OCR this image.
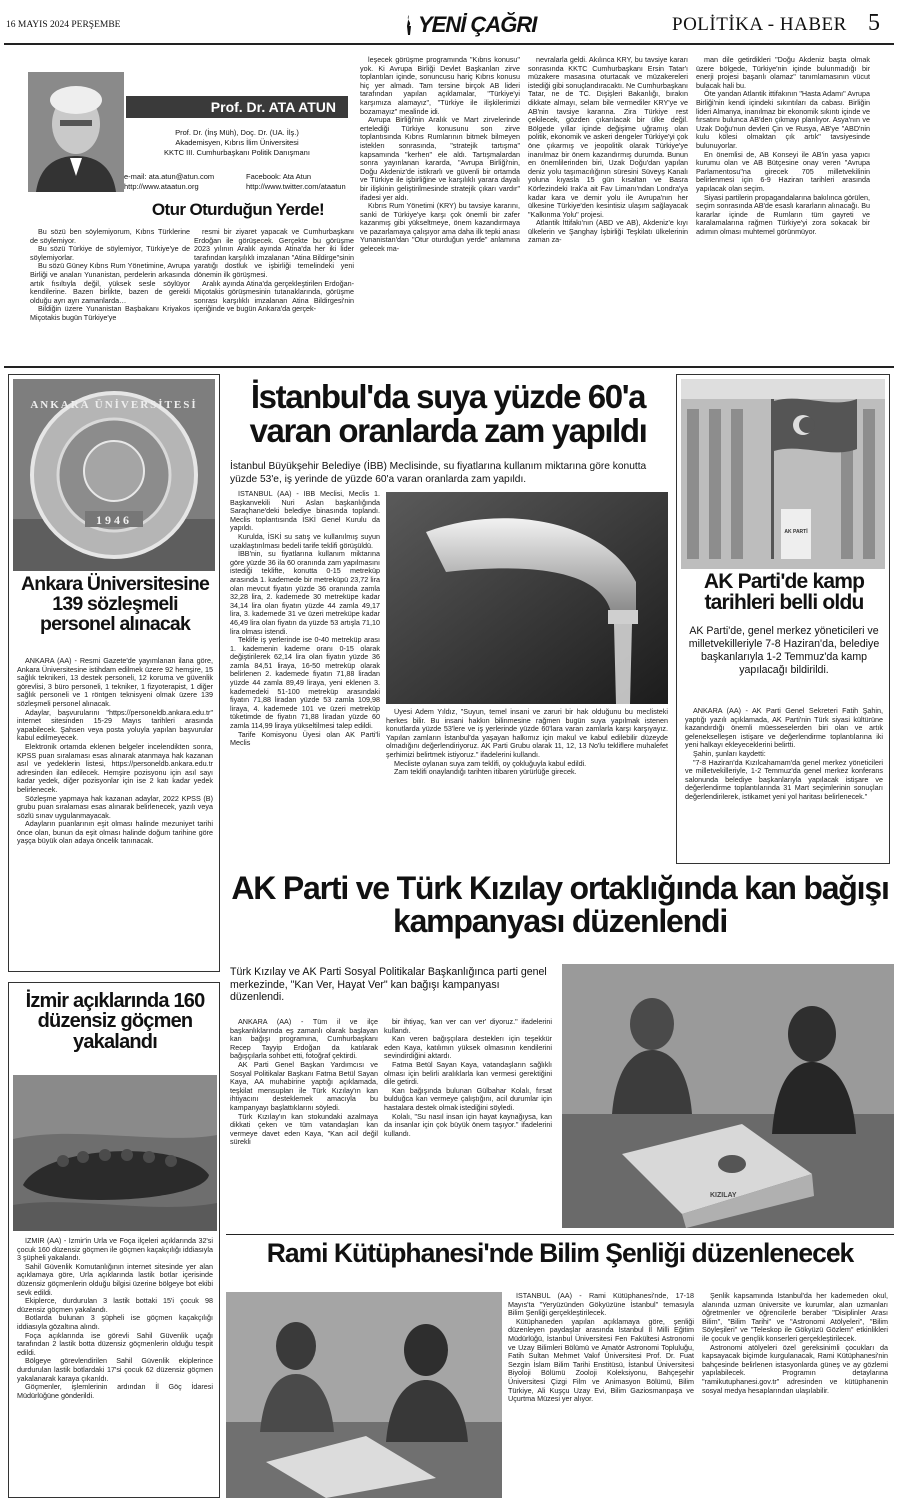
16 MAYIS 2024 PERŞEMBE	YENİ ÇAĞRI	POLİTİKA - HABER 5
Prof. Dr. ATA ATUN
Prof. Dr. (İnş Müh), Doç. Dr. (UA. İlş.)
Akademisyen, Kıbrıs İlim Üniversitesi
KKTC III. Cumhurbaşkanı Politik Danışmanı
e-mail: ata.atun@atun.com	Facebook: Ata Atun
http://www.ataatun.org	http://www.twitter.com/ataatun
Otur Oturduğun Yerde!

Bu sözü ben söylemiyorum, Kıbrıs Türklerine de söylemiyor.

Bu sözü Türkiye de söylemiyor, Türkiye'ye de söylemiyorlar.

Bu sözü Güney Kıbrıs Rum Yönetimine, Avrupa Birliği ve anaları Yunanistan, perdelerin arkasında artık fısıltıyla değil, yüksek sesle söylüyor kendilerine. Bazen birlikte, bazen de gerekli olduğu ayrı ayrı zamanlarda…

Bildiğin üzere Yunanistan Başbakanı Kriyakos Miçotakis bugün Türkiye'ye

resmi bir ziyaret yapacak ve Cumhurbaşkanı Erdoğan ile görüşecek. Gerçekte bu görüşme 2023 yılının Aralık ayında Atina'da her iki lider tarafından karşılıklı imzalanan "Atina Bildirge"sinin yaratığı dostluk ve işbirliği temelindeki yeni dönemin ilk görüşmesi.

Aralık ayında Atina'da gerçekleştirilen Erdoğan-Miçotakis görüşmesinin tutanaklarında, görüşme sonrası karşılıklı imzalanan Atina Bildirgesi'nin içeriğinde ve bugün Ankara'da gerçek-

leşecek görüşme programında "Kıbrıs konusu" yok. Ki Avrupa Birliği Devlet Başkanları zirve toplantıları içinde, sonuncusu hariç Kıbrıs konusu hiç yer almadı. Tam tersine birçok AB lideri tarafından yapılan açıklamalar, "Türkiye'yi karşımıza alamayız", "Türkiye ile ilişkilerimizi bozamayız" mealinde idi.

Avrupa Birliği'nin Aralık ve Mart zirvelerinde ertelediği Türkiye konusunu son zirve toplantısında Kıbrıs Rumlarının bitmek bilmeyen isteklerı sonrasında, "stratejik tartışma" kapsamında "kerhen" ele aldı. Tartışmalardan sonra yayınlanan kararda, "Avrupa Birliği'nin, Doğu Akdeniz'de istikrarlı ve güvenli bir ortamda ve Türkiye ile işbirliğine ve karşılıklı yarara dayalı bir ilişkinin geliştirilmesinde stratejik çıkarı vardır" ifadesi yer aldı.

Kıbrıs Rum Yönetimi (KRY) bu tavsiye kararını, sanki de Türkiye'ye karşı çok önemli bir zafer kazanmış gibi yükseltmeye, önem kazandırmaya ve pazarlamaya çalışıyor ama daha ilk tepki anası Yunanistan'dan "Otur oturduğun yerde" anlamına gelecek ma-

nevralarla geldi. Akılınca KRY, bu tavsiye kararı sonrasında KKTC Cumhurbaşkanı Ersin Tatar'ı müzakere masasına oturtacak ve müzakereleri istediği gibi sonuçlandıracaktı. Ne Cumhurbaşkanı Tatar, ne de TC. Dışişleri Bakanlığı, bırakın dikkate almayı, selam bile vermediler KRY'ye ve AB'nin tavsiye kararına. Zira Türkiye rest çekilecek, gözden çıkarılacak bir ülke değil. Bölgede yıllar içinde değişime uğramış olan politik, ekonomik ve askeri dengeler Türkiye'yi çok öne çıkarmış ve jeopolitik olarak Türkiye'ye inanılmaz bir önem kazandırmış durumda. Bunun en önemlilerinden biri, Uzak Doğu'dan yapılan deniz yolu taşımacılığının süresini Süveyş Kanalı yoluna kıyasla 15 gün kısaltan ve Basra Körfezindeki Irak'a ait Fav Limanı'ndan Londra'ya kadar kara ve demir yolu ile Avrupa'nın her ülkesine Türkiye'den kesintisiz ulaşım sağlayacak "Kalkınma Yolu" projesi.

Atlantik İttifakı'nın (ABD ve AB), Akdeniz'e kıyı ülkelerin ve Şanghay İşbirliği Teşkilatı ülkelerinin zaman za-

man dile getirdikleri "Doğu Akdeniz başta olmak üzere bölgede, Türkiye'nin içinde bulunmadığı bir enerji projesi başarılı olamaz" tanımlamasının vücut bulacak hali bu.

Öte yandan Atlantik ittifakının "Hasta Adamı" Avrupa Birliği'nin kendi içindeki sıkıntıları da cabası. Birliğin lideri Almanya, inanılmaz bir ekonomik sıkıntı içinde ve fırsatını bulunca AB'den çıkmayı planlıyor. Asya'nın ve Uzak Doğu'nun devleri Çin ve Rusya, AB'ye "ABD'nin kulu kölesi olmaktan çık artık" tavsiyesinde bulunuyorlar.

En önemlisi de, AB Konseyi ile AB'in yasa yapıcı kurumu olan ve AB Bütçesine onay veren "Avrupa Parlamentosu"na girecek 705 milletvekilinin belirlenmesi için 6-9 Haziran tarihleri arasında yapılacak olan seçim.

Siyasi partilerin propagandalarına bakılınca görülen, seçim sonrasında AB'de esaslı kararların alınacağı. Bu kararlar içinde de Rumların tüm gayreti ve karalamalarına rağmen Türkiye'yi zora sokacak bir adımın olması muhtemel görünmüyor.

ANKARA ÜNİVERSİTESİ
1946
Ankara Üniversitesine 139 sözleşmeli personel alınacak

ANKARA (AA) - Resmi Gazete'de yayımlanan ilana göre, Ankara Üniversitesine istihdam edilmek üzere 92 hemşire, 15 sağlık teknikeri, 13 destek personeli, 12 koruma ve güvenlik görevlisi, 3 büro personeli, 1 tekniker, 1 fizyoterapist, 1 diğer sağlık personeli ve 1 röntgen teknisyeni olmak üzere 139 sözleşmeli personel alınacak.

Adaylar, başvurularını "https://personeldb.ankara.edu.tr" internet sitesinden 15-29 Mayıs tarihleri arasında yapabilecek. Şahsen veya posta yoluyla yapılan başvurular kabul edilmeyecek.

Elektronik ortamda eklenen belgeler incelendikten sonra, KPSS puan sıralaması esas alınarak atanmaya hak kazanan asıl ve yedeklerin listesi, https://personeldb.ankara.edu.tr adresinden ilan edilecek. Hemşire pozisyonu için asıl sayı kadar yedek, diğer pozisyonlar için ise 2 katı kadar yedek belirlenecek.

Sözleşme yapmaya hak kazanan adaylar, 2022 KPSS (B) grubu puan sıralaması esas alınarak belirlenecek, yazılı veya sözlü sınav uygulanmayacak.

Adayların puanlarının eşit olması halinde mezuniyet tarihi önce olan, bunun da eşit olması halinde doğum tarihine göre yaşça büyük olan adaya öncelik tanınacak.

İstanbul'da suya yüzde 60'a varan oranlarda zam yapıldı
İstanbul Büyükşehir Belediye (İBB) Meclisinde, su fiyatlarına kullanım miktarına göre konutta yüzde 53'e, iş yerinde de yüzde 60'a varan oranlarda zam yapıldı.

İSTANBUL (AA) - İBB Meclisi, Meclis 1. Başkanvekili Nuri Aslan başkanlığında Saraçhane'deki belediye binasında toplandı. Meclis toplantısında İSKİ Genel Kurulu da yapıldı.

Kurulda, İSKİ su satış ve kullanılmış suyun uzaklaştırılması bedeli tarife teklifi görüşüldü.

İBB'nin, su fiyatlarına kullanım miktarına göre yüzde 36 ila 60 oranında zam yapılmasını istediği teklifte, konutta 0-15 metreküp arasında 1. kademede bir metreküpü 23,72 lira olan mevcut fiyatın yüzde 36 oranında zamla 32,28 lira, 2. kademede 30 metreküpe kadar 34,14 lira olan fiyatın yüzde 44 zamla 49,17 lira, 3. kademede 31 ve üzeri metreküpe kadar 46,49 lira olan fiyatın da yüzde 53 artışla 71,10 lira olması istendi.

Teklife iş yerlerinde ise 0-40 metreküp arası 1. kademenin kademe oranı 0-15 olarak değiştirilerek 62,14 lira olan fiyatın yüzde 36 zamla 84,51 liraya, 16-50 metreküp olarak belirlenen 2. kademede fiyatın 71,88 liradan yüzde 44 zamla 89,49 liraya, yeni eklenen 3. kademedeki 51-100 metreküp arasındaki fiyatın 71,88 liradan yüzde 53 zamla 109,98 liraya, 4. kademede 101 ve üzeri metreküp tüketimde de fiyatın 71,88 liradan yüzde 60 zamla 114,99 liraya yükseltilmesi talep edildi.

Tarife Komisyonu Üyesi olan AK Parti'li Meclis

Üyesi Adem Yıldız, "Suyun, temel insani ve zaruri bir hak olduğunu bu meclisteki herkes bilir. Bu insani hakkın bilinmesine rağmen bugün suya yapılmak istenen konutlarda yüzde 53'lere ve iş yerlerinde yüzde 60'lara varan zamlarla karşı karşıyayız. Yapılan zamların İstanbul'da yaşayan halkımız için makul ve kabul edilebilir düzeyde olmadığını değerlendiriyoruz. AK Parti Grubu olarak 11, 12, 13 No'lu tekliflere muhalefet şerhimizi belirtmek istiyoruz." ifadelerini kullandı.

Mecliste oylanan suya zam teklifi, oy çokluğuyla kabul edildi.

Zam teklifi onaylandığı tarihten itibaren yürürlüğe girecek.

AK PARTİ
AK Parti'de kamp tarihleri belli oldu
AK Parti'de, genel merkez yöneticileri ve milletvekilleriyle 7-8 Haziran'da, belediye başkanlarıyla 1-2 Temmuz'da kamp yapılacağı bildirildi.

ANKARA (AA) - AK Parti Genel Sekreteri Fatih Şahin, yaptığı yazılı açıklamada, AK Parti'nin Türk siyasi kültürüne kazandırdığı önemli müesseselerden biri olan ve artık gelenekselleşen istişare ve değerlendirme toplantılarına iki yeni halkayı ekleyeceklerini belirtti.

Şahin, şunları kaydetti:

"7-8 Haziran'da Kızılcahamam'da genel merkez yöneticileri ve milletvekilleriyle, 1-2 Temmuz'da genel merkez konferans salonunda belediye başkanlarıyla yapılacak istişare ve değerlendirme toplantılarında 31 Mart seçimlerinin sonuçları değerlendirilerek, istikamet yeni yol haritası belirlenecek."

AK Parti ve Türk Kızılay ortaklığında kan bağışı kampanyası düzenlendi
Türk Kızılay ve AK Parti Sosyal Politikalar Başkanlığınca parti genel merkezinde, "Kan Ver, Hayat Ver" kan bağışı kampanyası düzenlendi.

ANKARA (AA) - Tüm il ve ilçe başkanlıklarında eş zamanlı olarak başlayan kan bağışı programına, Cumhurbaşkanı Recep Tayyip Erdoğan da katılarak bağışçılarla sohbet etti, fotoğraf çektirdi.

AK Parti Genel Başkan Yardımcısı ve Sosyal Politikalar Başkanı Fatma Betül Sayan Kaya, AA muhabirine yaptığı açıklamada, teşkilat mensupları ile Türk Kızılay'ın kan ihtiyacını desteklemek amacıyla bu kampanyayı başlattıklarını söyledi.

Türk Kızılay'ın kan stokundaki azalmaya dikkati çeken ve tüm vatandaşları kan vermeye davet eden Kaya, "Kan acil değil sürekli

bir ihtiyaç, 'kan ver can ver' diyoruz." ifadelerini kullandı.

Kan veren bağışçılara desteklerı için teşekkür eden Kaya, katılımın yüksek olmasının kendilerini sevindirdiğini aktardı.

Fatma Betül Sayan Kaya, vatandaşların sağlıklı olması için belirli aralıklarla kan vermesi gerektiğini dile getirdi.

Kan bağışında bulunan Gülbahar Kolalı, fırsat bulduğca kan vermeye çalıştığını, acil durumlar için hastalara destek olmak istediğini söyledi.

Kolalı, "Su nasıl insan için hayat kaynağıysa, kan da insanlar için çok büyük önem taşıyor." ifadelerini kullandı.

KIZILAY
İzmir açıklarında 160 düzensiz göçmen yakalandı

İZMİR (AA) - İzmir'in Urla ve Foça ilçeleri açıklarında 32'si çocuk 160 düzensiz göçmen ile göçmen kaçakçılığı iddiasıyla 3 şüpheli yakalandı.

Sahil Güvenlik Komutanlığının internet sitesinde yer alan açıklamaya göre, Urla açıklarında lastik botlar içerisinde düzensiz göçmenlerin olduğu bilgisi üzerine bölgeye bot ekibi sevk edildi.

Ekiplerce, durdurulan 3 lastik bottaki 15'i çocuk 98 düzensiz göçmen yakalandı.

Botlarda bulunan 3 şüpheli ise göçmen kaçakçılığı iddiasıyla gözaltına alındı.

Foça açıklarında ise görevli Sahil Güvenlik uçağı tarafından 2 lastik botta düzensiz göçmenlerin olduğu tespit edildi.

Bölgeye görevlendirilen Sahil Güvenlik ekiplerince durdurulan lastik botlardaki 17'si çocuk 62 düzensiz göçmen yakalanarak karaya çıkarıldı.

Göçmenler, işlemlerinin ardından İl Göç İdaresi Müdürlüğüne gönderildi.

Rami Kütüphanesi'nde Bilim Şenliği düzenlenecek

İSTANBUL (AA) - Rami Kütüphanesi'nde, 17-18 Mayıs'ta "Yeryüzünden Gökyüzüne İstanbul" temasıyla Bilim Şenliği gerçekleştirilecek.

Kütüphaneden yapılan açıklamaya göre, şenliği düzenleyen paydaşlar arasında İstanbul İl Milli Eğitim Müdürlüğü, İstanbul Üniversitesi Fen Fakültesi Astronomi ve Uzay Bilimleri Bölümü ve Amatör Astronomi Topluluğu, Fatih Sultan Mehmet Vakıf Üniversitesi Prof. Dr. Fuat Sezgin İslam Bilim Tarihi Enstitüsü, İstanbul Üniversitesi Biyoloji Bölümü Zooloji Koleksiyonu, Bahçeşehir Üniversitesi Çizgi Film ve Animasyon Bölümü, Bilim Türkiye, Ali Kuşçu Uzay Evi, Bilim Gaziosmanpaşa ve Uçurtma Müzesi yer alıyor.

Şenlik kapsamında İstanbul'da her kademeden okul, alanında uzman üniversite ve kurumlar, alan uzmanları öğretmenler ve öğrencilerle beraber "Disiplinler Arası Bilim", "Bilim Tarihi" ve "Astronomi Atölyeleri", "Bilim Söyleşileri" ve "Teleskop ile Gökyüzü Gözlem" etkinlikleri ile çocuk ve gençlik konserleri gerçekleştirilecek.

Astronomi atölyeleri özel gereksinimli çocukları da kapsayacak biçimde kurgulanacak, Rami Kütüphanesi'nin bahçesinde belirlenen istasyonlarda güneş ve ay gözlemi yapılabilecek. Programın detaylarına "ramikutuphanesi.gov.tr" adresinden ve kütüphanenin sosyal medya hesaplarından ulaşılabilir.
